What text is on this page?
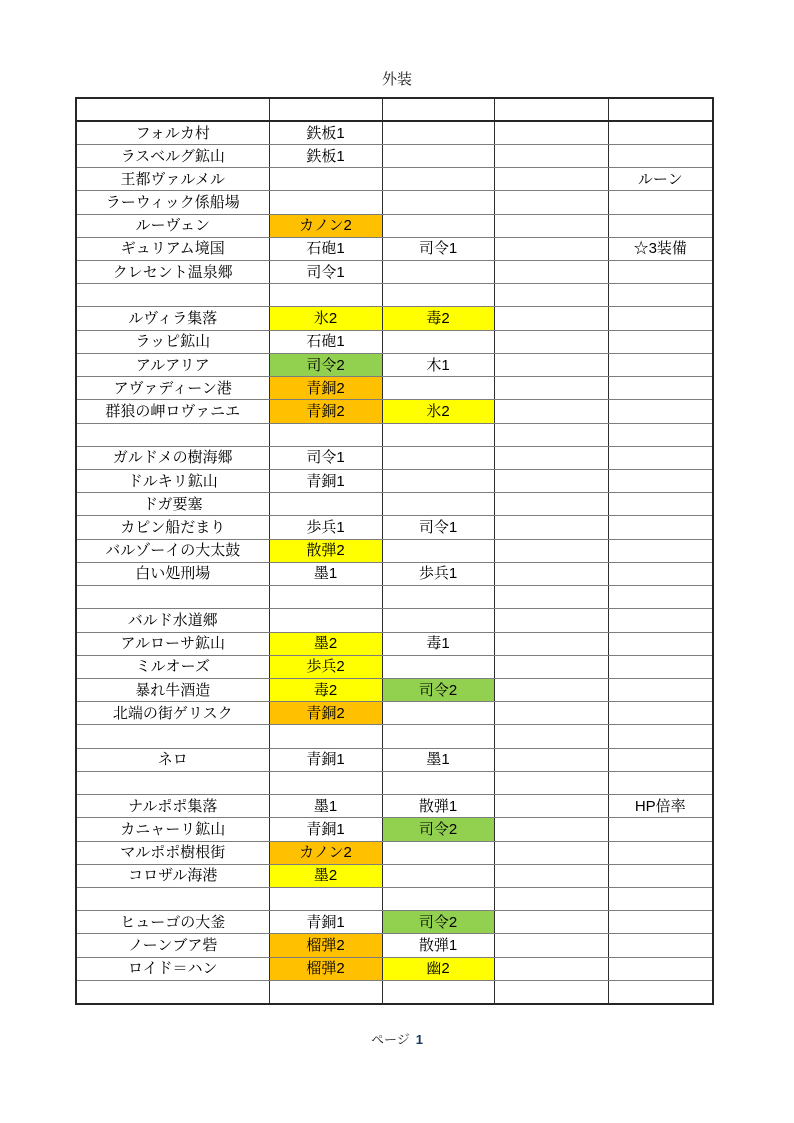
外装

フォルカ村	鉄板1			
ラスベルグ鉱山	鉄板1			
王都ヴァルメル				ルーン
ラーウィック係船場				
ルーヴェン	カノン2			
ギュリアム境国	石砲1	司令1		☆3装備
クレセント温泉郷	司令1			

ルヴィラ集落	氷2	毒2		
ラッピ鉱山	石砲1			
アルアリア	司令2	木1		
アヴァディーン港	青銅2			
群狼の岬ロヴァニエ	青銅2	氷2		

ガルドメの樹海郷	司令1			
ドルキリ鉱山	青銅1			
ドガ要塞				
カピン船だまり	歩兵1	司令1		
バルゾーイの大太鼓	散弾2			
白い処刑場	墨1	歩兵1		

バルド水道郷				
アルローサ鉱山	墨2	毒1		
ミルオーズ	歩兵2			
暴れ牛酒造	毒2	司令2		
北端の街ゲリスク	青銅2			

ネロ	青銅1	墨1		

ナルポポ集落	墨1	散弾1		HP倍率
カニャーリ鉱山	青銅1	司令2		
マルポポ樹根街	カノン2			
コロザル海港	墨2			

ヒューゴの大釜	青銅1	司令2		
ノーンブア砦	榴弾2	散弾1		
ロイド＝ハン	榴弾2	幽2		

ページ 1
